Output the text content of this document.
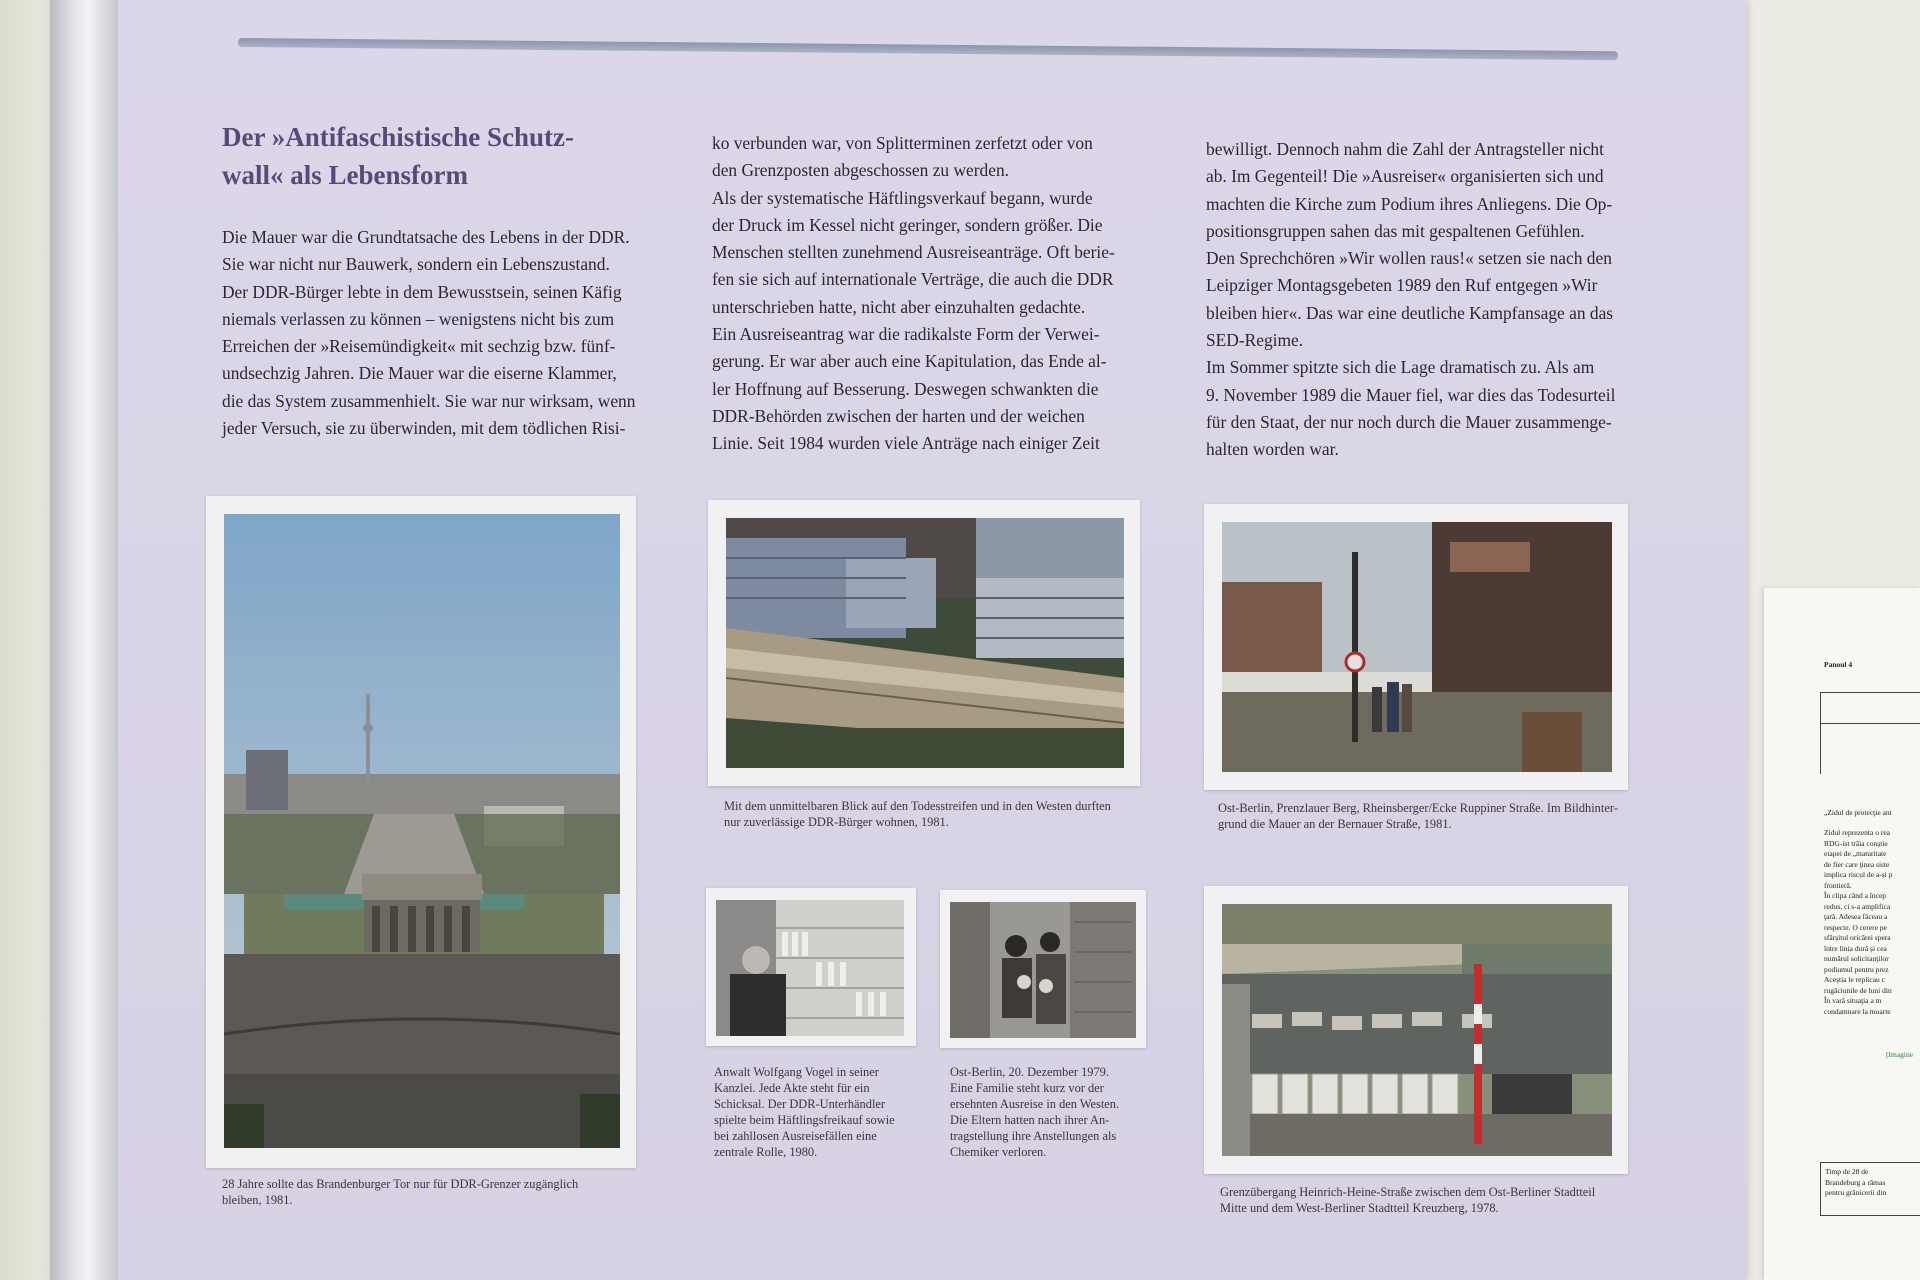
Der »Antifaschistische Schutz-
wall« als Lebensform

Die Mauer war die Grundtatsache des Lebens in der DDR.

Sie war nicht nur Bauwerk, sondern ein Lebenszustand.

Der DDR-Bürger lebte in dem Bewusstsein, seinen Käfig

niemals verlassen zu können – wenigstens nicht bis zum

Erreichen der »Reisemündigkeit« mit sechzig bzw. fünf-

undsechzig Jahren. Die Mauer war die eiserne Klammer,

die das System zusammenhielt. Sie war nur wirksam, wenn

jeder Versuch, sie zu überwinden, mit dem tödlichen Risi-

ko verbunden war, von Splitterminen zerfetzt oder von

den Grenzposten abgeschossen zu werden.

Als der systematische Häftlingsverkauf begann, wurde

der Druck im Kessel nicht geringer, sondern größer. Die

Menschen stellten zunehmend Ausreiseanträge. Oft berie-

fen sie sich auf internationale Verträge, die auch die DDR

unterschrieben hatte, nicht aber einzuhalten gedachte.

Ein Ausreiseantrag war die radikalste Form der Verwei-

gerung. Er war aber auch eine Kapitulation, das Ende al-

ler Hoffnung auf Besserung. Deswegen schwankten die

DDR-Behörden zwischen der harten und der weichen

Linie. Seit 1984 wurden viele Anträge nach einiger Zeit

bewilligt. Dennoch nahm die Zahl der Antragsteller nicht

ab. Im Gegenteil! Die »Ausreiser« organisierten sich und

machten die Kirche zum Podium ihres Anliegens. Die Op-

positionsgruppen sahen das mit gespaltenen Gefühlen.

Den Sprechchören »Wir wollen raus!« setzen sie nach den

Leipziger Montagsgebeten 1989 den Ruf entgegen »Wir

bleiben hier«. Das war eine deutliche Kampfansage an das

SED-Regime.

Im Sommer spitzte sich die Lage dramatisch zu. Als am

9. November 1989 die Mauer fiel, war dies das Todesurteil

für den Staat, der nur noch durch die Mauer zusammenge-

halten worden war.

28 Jahre sollte das Brandenburger Tor nur für DDR-Grenzer zugänglich
bleiben, 1981.
Mit dem unmittelbaren Blick auf den Todesstreifen und in den Westen durften
nur zuverlässige DDR-Bürger wohnen, 1981.
Ost-Berlin, Prenzlauer Berg, Rheinsberger/Ecke Ruppiner Straße. Im Bildhinter-
grund die Mauer an der Bernauer Straße, 1981.
Anwalt Wolfgang Vogel in seiner
Kanzlei. Jede Akte steht für ein
Schicksal. Der DDR-Unterhändler
spielte beim Häftlingsfreikauf sowie
bei zahllosen Ausreisefällen eine
zentrale Rolle, 1980.
Ost-Berlin, 20. Dezember 1979.
Eine Familie steht kurz vor der
ersehnten Ausreise in den Westen.
Die Eltern hatten nach ihrer An-
tragstellung ihre Anstellungen als
Chemiker verloren.
Grenzübergang Heinrich-Heine-Straße zwischen dem Ost-Berliner Stadtteil
Mitte und dem West-Berliner Stadtteil Kreuzberg, 1978.
Panoul 4
„Zidul de protecţie ant
Zidul reprezenta o rea
RDG-ist trăia conștie
etapei de „maturitate
de fier care ţinea siste
implica riscul de a-și p
frontieră.
În clipa când a încep
redus, ci s-a amplifica
ţară. Adesea făceau a
respecte. O cerere pe
sfârșitul oricărei spera
între linia dură și cea
numărul solicitanţilor
podiumul pentru prez
Aceștia le replicau c
rugăciunile de luni din
În vară situaţia a m
condamnare la moarte
[Imagine
Timp de 28 de
Brandeburg a rămas
pentru grănicerii din
